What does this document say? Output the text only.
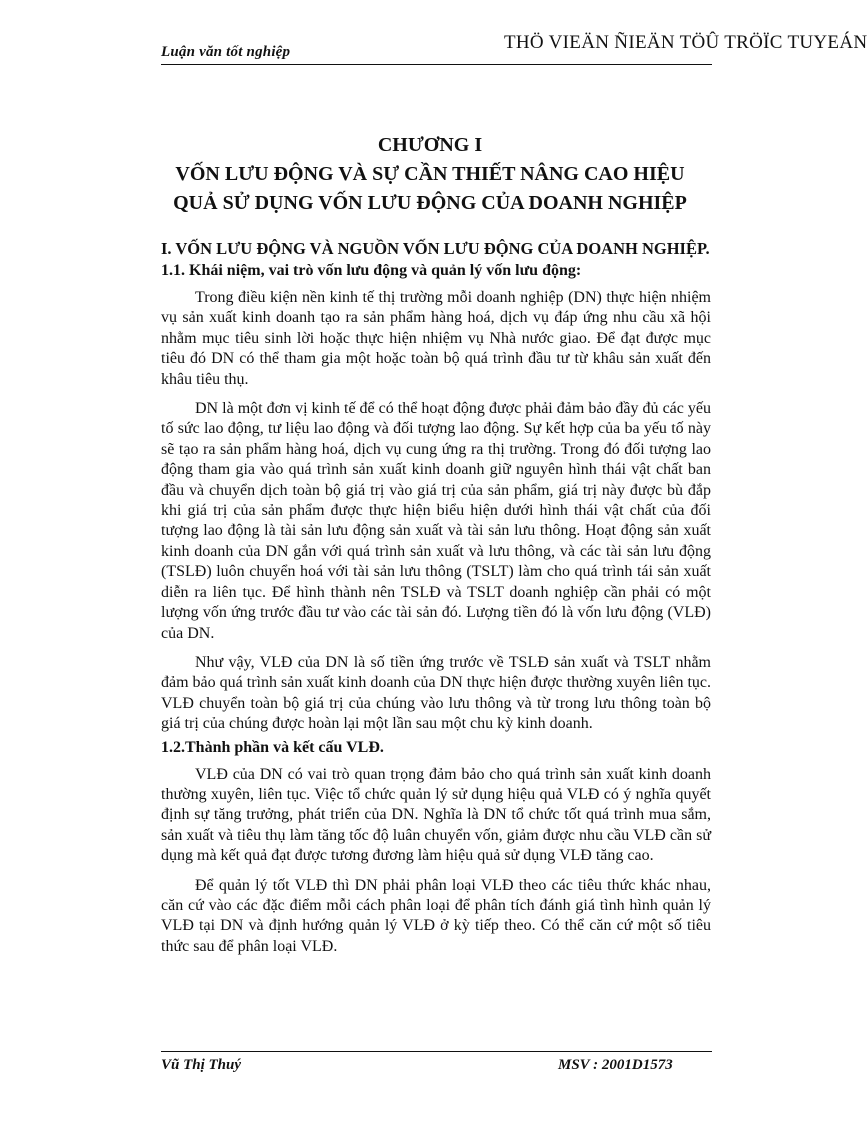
Luận văn tốt nghiệp	THÖ VIEÄN ÑIEÄN TÖÛ TRÖÏC TUYEÁN
CHƯƠNG I
VỐN LƯU ĐỘNG VÀ SỰ CẦN THIẾT NÂNG CAO HIỆU
QUẢ SỬ DỤNG VỐN LƯU ĐỘNG CỦA DOANH NGHIỆP
I. VỐN LƯU ĐỘNG VÀ NGUỒN VỐN LƯU ĐỘNG CỦA DOANH NGHIỆP.
1.1. Khái niệm, vai trò vốn lưu động và quản lý vốn lưu động:

Trong điều kiện nền kinh tế thị trường mỗi doanh nghiệp (DN) thực hiện nhiệm vụ sản xuất kinh doanh tạo ra sản phẩm hàng hoá, dịch vụ đáp ứng nhu cầu xã hội nhằm mục tiêu sinh lời hoặc thực hiện nhiệm vụ Nhà nước giao. Để đạt được mục tiêu đó DN có thể tham gia một hoặc toàn bộ quá trình đầu tư từ khâu sản xuất đến khâu tiêu thụ.

DN là một đơn vị kinh tế để có thể hoạt động được phải đảm bảo đầy đủ các yếu tố sức lao động, tư liệu lao động và đối tượng lao động. Sự kết hợp của ba yếu tố này sẽ tạo ra sản phẩm hàng hoá, dịch vụ cung ứng ra thị trường. Trong đó đối tượng lao động tham gia vào quá trình sản xuất kinh doanh giữ nguyên hình thái vật chất ban đầu và chuyển dịch toàn bộ giá trị vào giá trị của sản phẩm, giá trị này được bù đắp khi giá trị của sản phẩm được thực hiện biểu hiện dưới hình thái vật chất của đối tượng lao động là tài sản lưu động sản xuất và tài sản lưu thông. Hoạt động sản xuất kinh doanh của DN gắn với quá trình sản xuất và lưu thông, và các tài sản lưu động (TSLĐ) luôn chuyển hoá với tài sản lưu thông (TSLT) làm cho quá trình tái sản xuất diễn ra liên tục. Để hình thành nên TSLĐ và TSLT doanh nghiệp cần phải có một lượng vốn ứng trước đầu tư vào các tài sản đó. Lượng tiền đó là vốn lưu động (VLĐ) của DN.

Như vậy, VLĐ của DN là số tiền ứng trước về TSLĐ sản xuất và TSLT nhằm đảm bảo quá trình sản xuất kinh doanh của DN thực hiện được thường xuyên liên tục. VLĐ chuyển toàn bộ giá trị của chúng vào lưu thông và từ trong lưu thông toàn bộ giá trị của chúng được hoàn lại một lần sau một chu kỳ kinh doanh.

1.2.Thành phần và kết cấu VLĐ.

VLĐ của DN có vai trò quan trọng đảm bảo cho quá trình sản xuất kinh doanh thường xuyên, liên tục. Việc tổ chức quản lý sử dụng hiệu quả VLĐ có ý nghĩa quyết định sự tăng trưởng, phát triển của DN. Nghĩa là DN tổ chức tốt quá trình mua sắm, sản xuất và tiêu thụ làm tăng tốc độ luân chuyển vốn, giảm được nhu cầu VLĐ cần sử dụng mà kết quả đạt được tương đương làm hiệu quả sử dụng VLĐ tăng cao.

Để quản lý tốt VLĐ thì DN phải phân loại VLĐ theo các tiêu thức khác nhau, căn cứ vào các đặc điểm mỗi cách phân loại để phân tích đánh giá tình hình quản lý VLĐ tại DN và định hướng quản lý VLĐ ở kỳ tiếp theo. Có thể căn cứ một số tiêu thức sau để phân loại VLĐ.

Vũ Thị Thuý	MSV : 2001D1573
